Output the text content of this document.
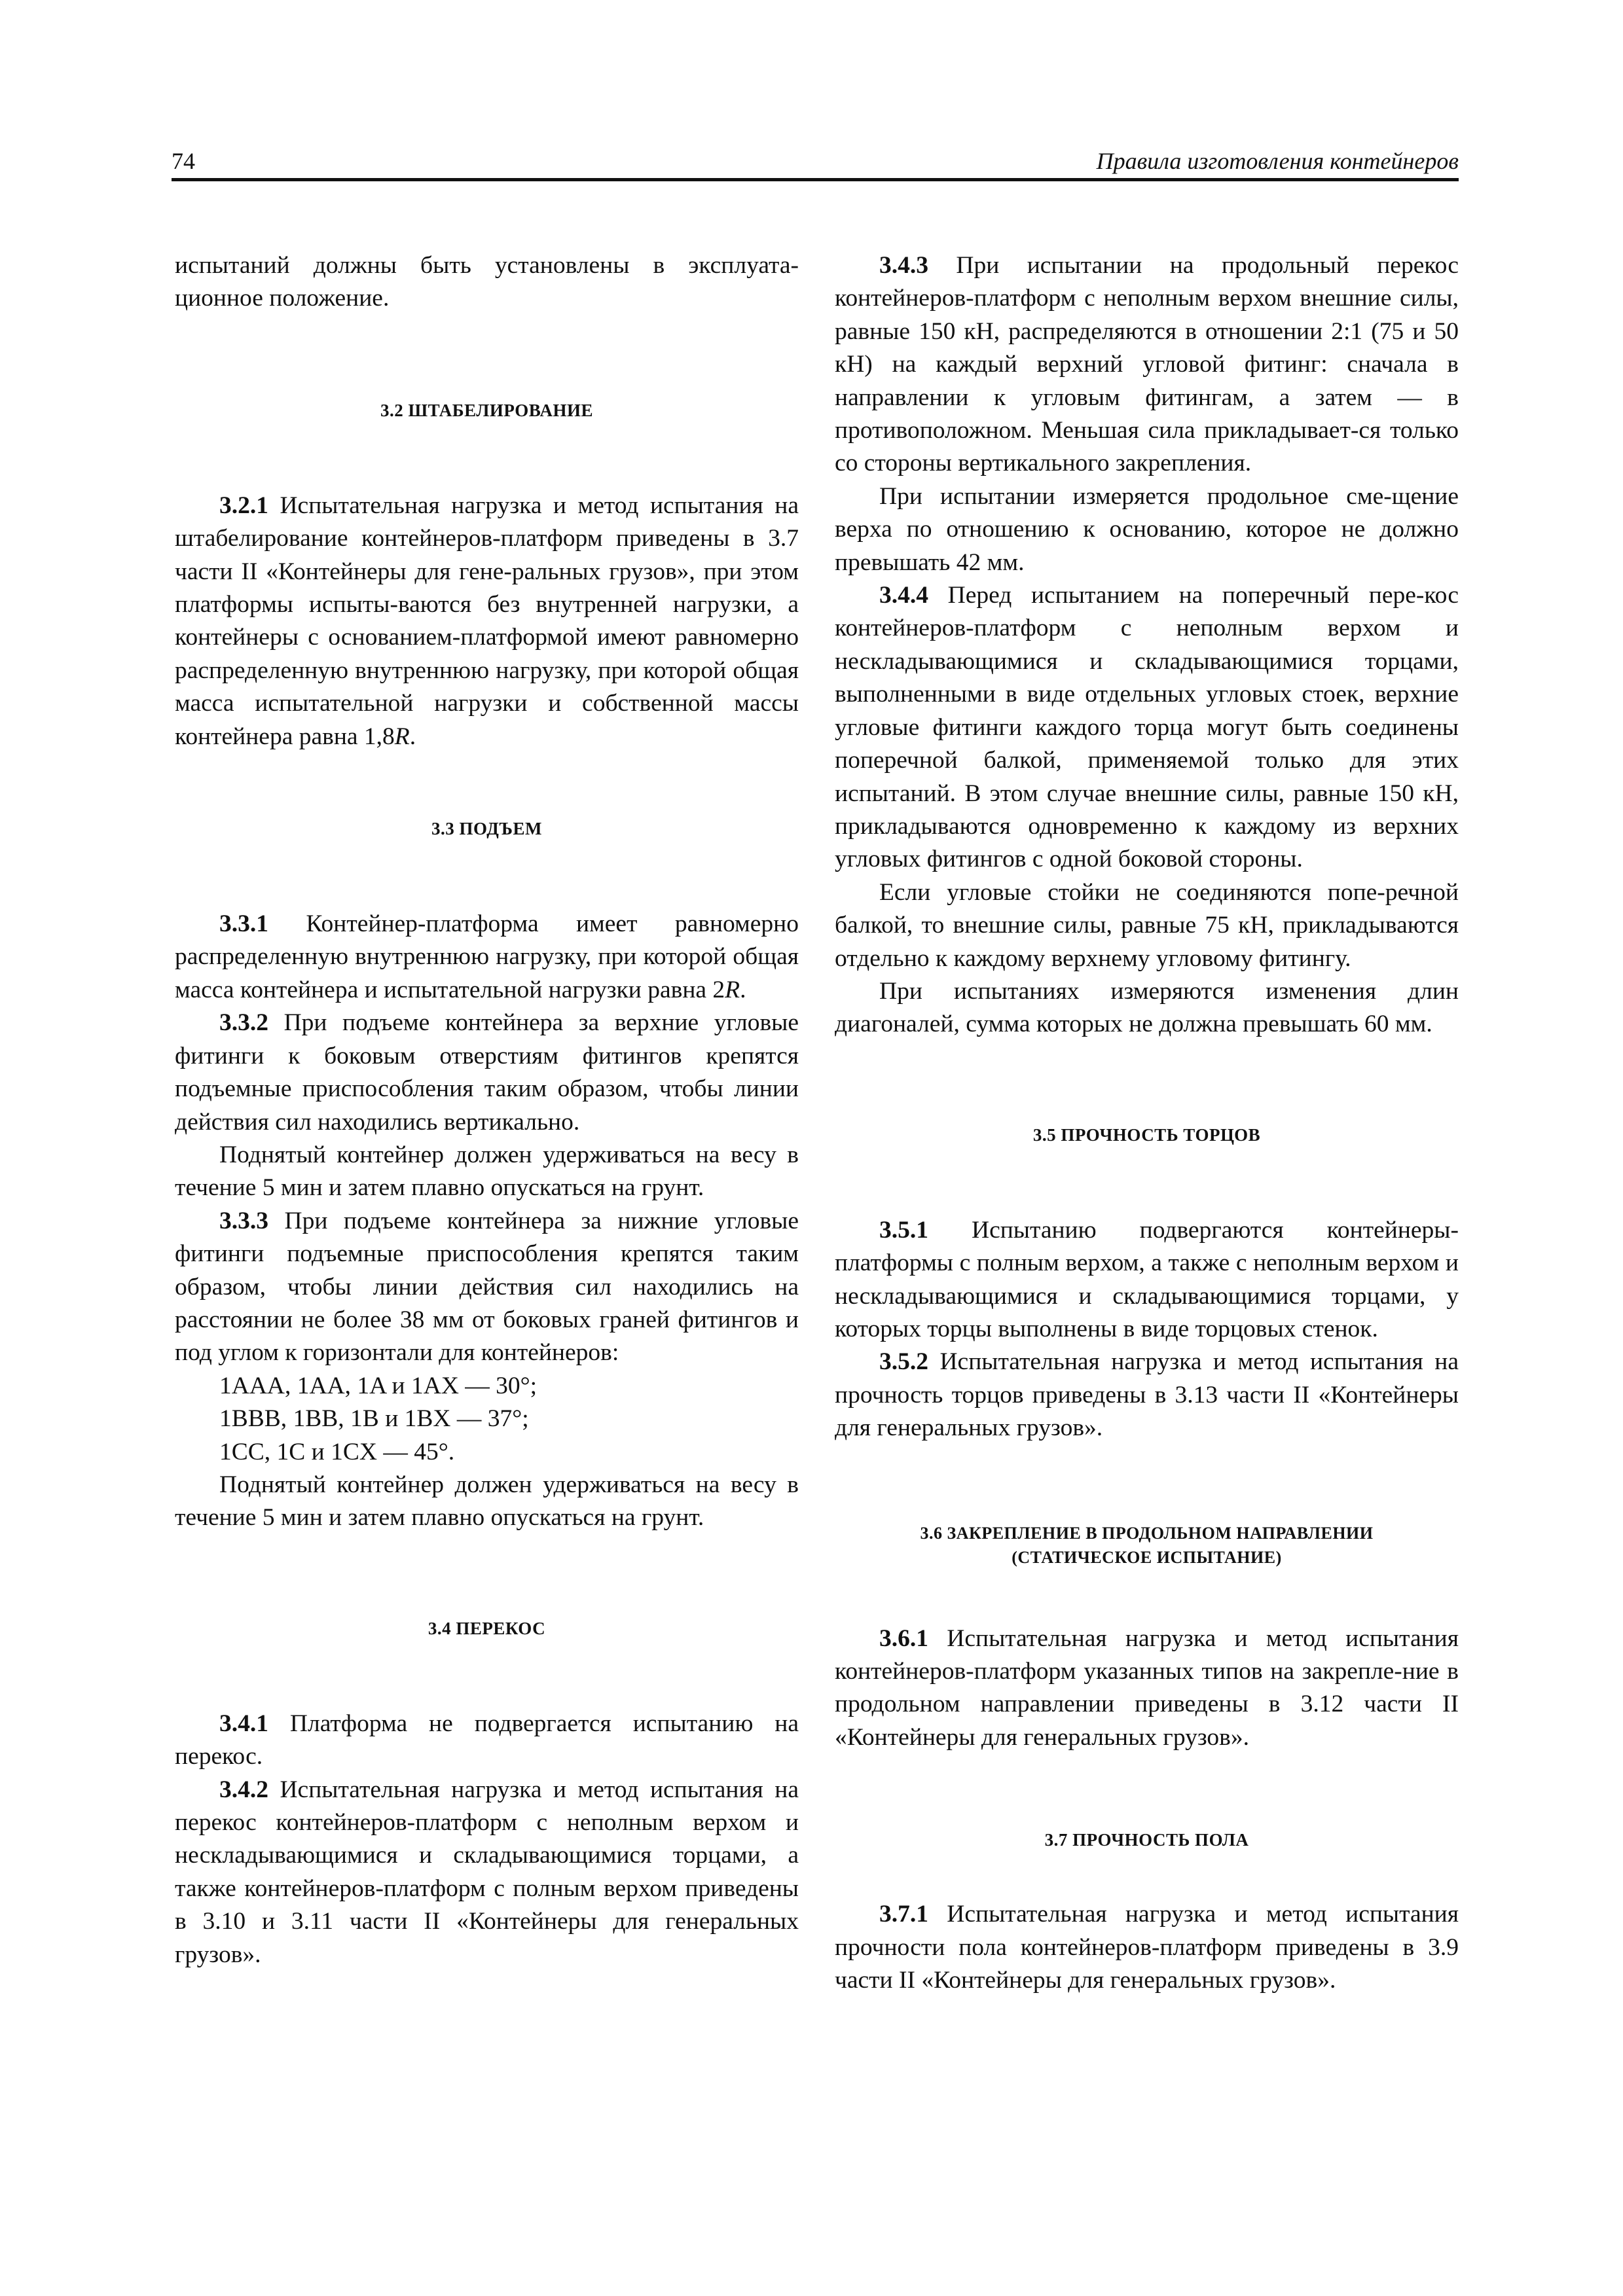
74	Правила изготовления контейнеров

испытаний должны быть установлены в эксплуата-ционное положение.

3.2 ШТАБЕЛИРОВАНИЕ

3.2.1 Испытательная нагрузка и метод испытания на штабелирование контейнеров-платформ приведены в 3.7 части II «Контейнеры для гене-ральных грузов», при этом платформы испыты-ваются без внутренней нагрузки, а контейнеры с основанием-платформой имеют равномерно распределенную внутреннюю нагрузку, при которой общая масса испытательной нагрузки и собственной массы контейнера равна 1,8R.

3.3 ПОДЪЕМ

3.3.1 Контейнер-платформа имеет равномерно распределенную внутреннюю нагрузку, при которой общая масса контейнера и испытательной нагрузки равна 2R.

3.3.2 При подъеме контейнера за верхние угловые фитинги к боковым отверстиям фитингов крепятся подъемные приспособления таким образом, чтобы линии действия сил находились вертикально.

Поднятый контейнер должен удерживаться на весу в течение 5 мин и затем плавно опускаться на грунт.

3.3.3 При подъеме контейнера за нижние угловые фитинги подъемные приспособления крепятся таким образом, чтобы линии действия сил находились на расстоянии не более 38 мм от боковых граней фитингов и под углом к горизонтали для контейнеров:

1AAA, 1AA, 1A и 1AX — 30°;

1BBB, 1BB, 1B и 1BX — 37°;

1CC, 1C и 1CX — 45°.

Поднятый контейнер должен удерживаться на весу в течение 5 мин и затем плавно опускаться на грунт.

3.4 ПЕРЕКОС

3.4.1 Платформа не подвергается испытанию на перекос.

3.4.2 Испытательная нагрузка и метод испытания на перекос контейнеров-платформ с неполным верхом и нескладывающимися и складывающимися торцами, а также контейнеров-платформ с полным верхом приведены в 3.10 и 3.11 части II «Контейнеры для генеральных грузов».

3.4.3 При испытании на продольный перекос контейнеров-платформ с неполным верхом внешние силы, равные 150 кН, распределяются в отношении 2:1 (75 и 50 кН) на каждый верхний угловой фитинг: сначала в направлении к угловым фитингам, а затем — в противоположном. Меньшая сила прикладывает-ся только со стороны вертикального закрепления.

При испытании измеряется продольное сме-щение верха по отношению к основанию, которое не должно превышать 42 мм.

3.4.4 Перед испытанием на поперечный пере-кос контейнеров-платформ с неполным верхом и нескладывающимися и складывающимися торцами, выполненными в виде отдельных угловых стоек, верхние угловые фитинги каждого торца могут быть соединены поперечной балкой, применяемой только для этих испытаний. В этом случае внешние силы, равные 150 кН, прикладываются одновременно к каждому из верхних угловых фитингов с одной боковой стороны.

Если угловые стойки не соединяются попе-речной балкой, то внешние силы, равные 75 кН, прикладываются отдельно к каждому верхнему угловому фитингу.

При испытаниях измеряются изменения длин диагоналей, сумма которых не должна превышать 60 мм.

3.5 ПРОЧНОСТЬ ТОРЦОВ

3.5.1 Испытанию подвергаются контейнеры-платформы с полным верхом, а также с неполным верхом и нескладывающимися и складывающимися торцами, у которых торцы выполнены в виде торцовых стенок.

3.5.2 Испытательная нагрузка и метод испытания на прочность торцов приведены в 3.13 части II «Контейнеры для генеральных грузов».

3.6 ЗАКРЕПЛЕНИЕ В ПРОДОЛЬНОМ НАПРАВЛЕНИИ
(СТАТИЧЕСКОЕ ИСПЫТАНИЕ)

3.6.1 Испытательная нагрузка и метод испытания контейнеров-платформ указанных типов на закрепле-ние в продольном направлении приведены в 3.12 части II «Контейнеры для генеральных грузов».

3.7 ПРОЧНОСТЬ ПОЛА

3.7.1 Испытательная нагрузка и метод испытания прочности пола контейнеров-платформ приведены в 3.9 части II «Контейнеры для генеральных грузов».
